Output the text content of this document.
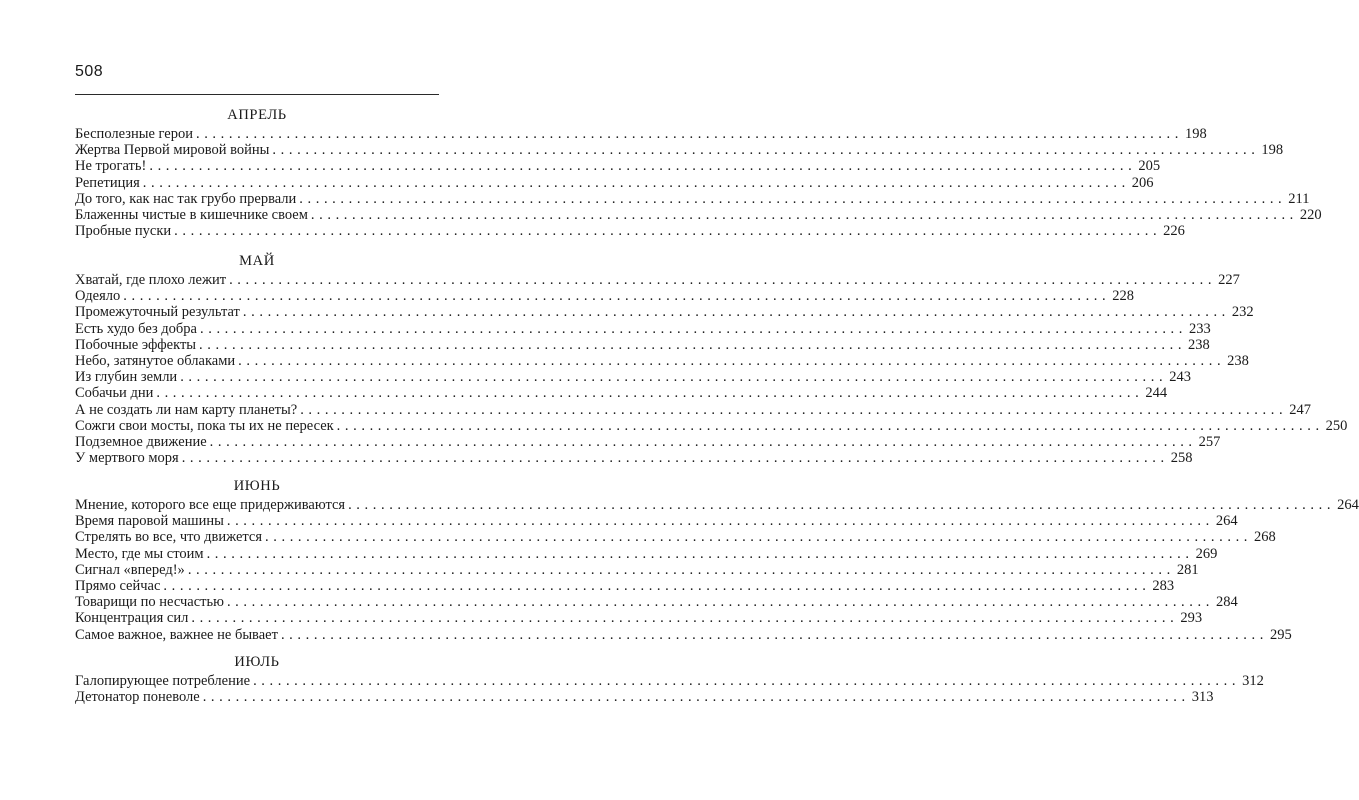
508
АПРЕЛЬ
Бесполезные герои ........................................................................................................................ 198
Жертва Первой мировой войны ........................................................................................................................ 198
Не трогать! ........................................................................................................................ 205
Репетиция ........................................................................................................................ 206
До того, как нас так грубо прервали ........................................................................................................................ 211
Блаженны чистые в кишечнике своем ........................................................................................................................ 220
Пробные пуски ........................................................................................................................ 226
МАЙ
Хватай, где плохо лежит ........................................................................................................................ 227
Одеяло ........................................................................................................................ 228
Промежуточный результат ........................................................................................................................ 232
Есть худо без добра ........................................................................................................................ 233
Побочные эффекты ........................................................................................................................ 238
Небо, затянутое облаками ........................................................................................................................ 238
Из глубин земли ........................................................................................................................ 243
Собачьи дни ........................................................................................................................ 244
А не создать ли нам карту планеты? ........................................................................................................................ 247
Сожги свои мосты, пока ты их не пересек ........................................................................................................................ 250
Подземное движение ........................................................................................................................ 257
У мертвого моря ........................................................................................................................ 258
ИЮНЬ
Мнение, которого все еще придерживаются ........................................................................................................................ 264
Время паровой машины ........................................................................................................................ 264
Стрелять во все, что движется ........................................................................................................................ 268
Место, где мы стоим ........................................................................................................................ 269
Сигнал «вперед!» ........................................................................................................................ 281
Прямо сейчас ........................................................................................................................ 283
Товарищи по несчастью ........................................................................................................................ 284
Концентрация сил ........................................................................................................................ 293
Самое важное, важнее не бывает ........................................................................................................................ 295
ИЮЛЬ
Галопирующее потребление ........................................................................................................................ 312
Детонатор поневоле ........................................................................................................................ 313
